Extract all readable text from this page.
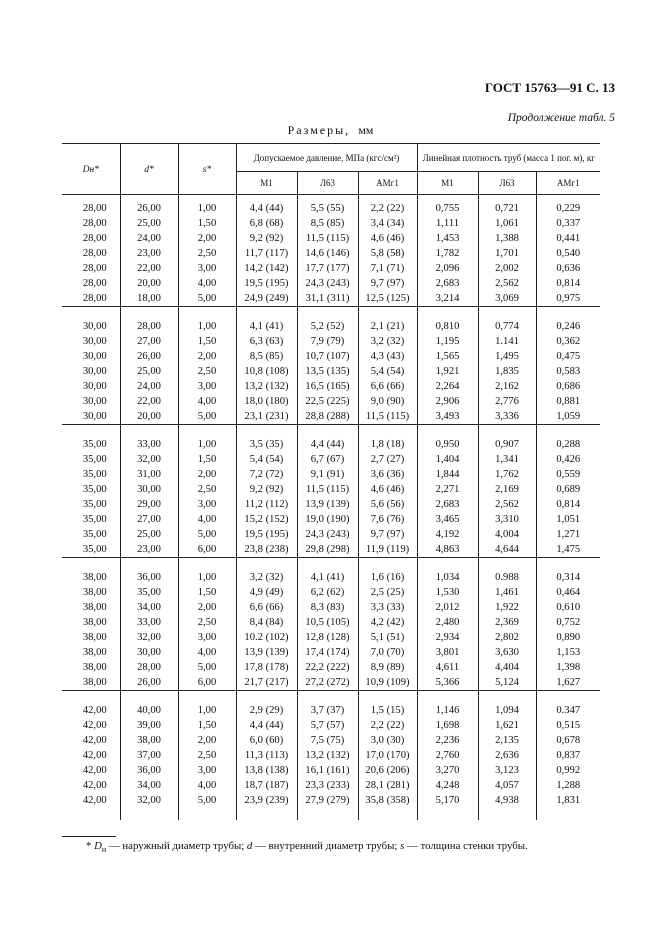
ГОСТ 15763—91 С. 13
Продолжение табл. 5
Размеры, мм
Dн*	d*	s*	Допускаемое давление, МПа (кгс/см²)			Линейная плотность труб (масса 1 пог. м), кг		
			М1	Л63	АМг1	М1	Л63	АМг1

28,00	26,00	1,00	4,4 (44)	5,5 (55)	2,2 (22)	0,755	0,721	0,229
28,00	25,00	1,50	6,8 (68)	8,5 (85)	3,4 (34)	1,111	1,061	0,337
28,00	24,00	2,00	9,2 (92)	11,5 (115)	4,6 (46)	1,453	1,388	0,441
28,00	23,00	2,50	11,7 (117)	14,6 (146)	5,8 (58)	1,782	1,701	0,540
28,00	22,00	3,00	14,2 (142)	17,7 (177)	7,1 (71)	2,096	2,002	0,636
28,00	20,00	4,00	19,5 (195)	24,3 (243)	9,7 (97)	2,683	2,562	0,814
28,00	18,00	5,00	24,9 (249)	31,1 (311)	12,5 (125)	3,214	3,069	0,975

30,00	28,00	1,00	4,1 (41)	5,2 (52)	2,1 (21)	0,810	0,774	0,246
30,00	27,00	1,50	6,3 (63)	7,9 (79)	3,2 (32)	1,195	1.141	0,362
30,00	26,00	2,00	8,5 (85)	10,7 (107)	4,3 (43)	1,565	1,495	0,475
30,00	25,00	2,50	10,8 (108)	13,5 (135)	5,4 (54)	1,921	1,835	0,583
30,00	24,00	3,00	13,2 (132)	16,5 (165)	6,6 (66)	2,264	2,162	0,686
30,00	22,00	4,00	18,0 (180)	22,5 (225)	9,0 (90)	2,906	2,776	0,881
30,00	20,00	5,00	23,1 (231)	28,8 (288)	11,5 (115)	3,493	3,336	1,059

35,00	33,00	1,00	3,5 (35)	4,4 (44)	1,8 (18)	0,950	0,907	0,288
35,00	32,00	1,50	5,4 (54)	6,7 (67)	2,7 (27)	1,404	1,341	0,426
35,00	31,00	2,00	7,2 (72)	9,1 (91)	3,6 (36)	1,844	1,762	0,559
35,00	30,00	2,50	9,2 (92)	11,5 (115)	4,6 (46)	2,271	2,169	0,689
35,00	29,00	3,00	11,2 (112)	13,9 (139)	5,6 (56)	2,683	2,562	0,814
35,00	27,00	4,00	15,2 (152)	19,0 (190)	7,6 (76)	3,465	3,310	1,051
35,00	25,00	5,00	19,5 (195)	24,3 (243)	9,7 (97)	4,192	4,004	1,271
35,00	23,00	6,00	23,8 (238)	29,8 (298)	11,9 (119)	4,863	4,644	1,475

38,00	36,00	1,00	3,2 (32)	4,1 (41)	1,6 (16)	1,034	0.988	0,314
38,00	35,00	1,50	4,9 (49)	6,2 (62)	2,5 (25)	1,530	1,461	0,464
38,00	34,00	2,00	6,6 (66)	8,3 (83)	3,3 (33)	2,012	1,922	0,610
38,00	33,00	2,50	8,4 (84)	10,5 (105)	4,2 (42)	2,480	2,369	0,752
38,00	32,00	3,00	10.2 (102)	12,8 (128)	5,1 (51)	2,934	2,802	0,890
38,00	30,00	4,00	13,9 (139)	17,4 (174)	7,0 (70)	3,801	3,630	1,153
38,00	28,00	5,00	17,8 (178)	22,2 (222)	8,9 (89)	4,611	4,404	1,398
38,00	26,00	6,00	21,7 (217)	27,2 (272)	10,9 (109)	5,366	5,124	1,627

42,00	40,00	1,00	2,9 (29)	3,7 (37)	1,5 (15)	1,146	1,094	0.347
42,00	39,00	1,50	4,4 (44)	5,7 (57)	2,2 (22)	1,698	1,621	0,515
42,00	38,00	2,00	6,0 (60)	7,5 (75)	3,0 (30)	2,236	2,135	0,678
42,00	37,00	2,50	11,3 (113)	13,2 (132)	17,0 (170)	2,760	2,636	0,837
42,00	36,00	3,00	13,8 (138)	16,1 (161)	20,6 (206)	3,270	3,123	0,992
42,00	34,00	4,00	18,7 (187)	23,3 (233)	28,1 (281)	4,248	4,057	1,288
42,00	32,00	5,00	23,9 (239)	27,9 (279)	35,8 (358)	5,170	4,938	1,831

* $D_н$ — наружный диаметр трубы; d — внутренний диаметр трубы; s — толщина стенки трубы.
